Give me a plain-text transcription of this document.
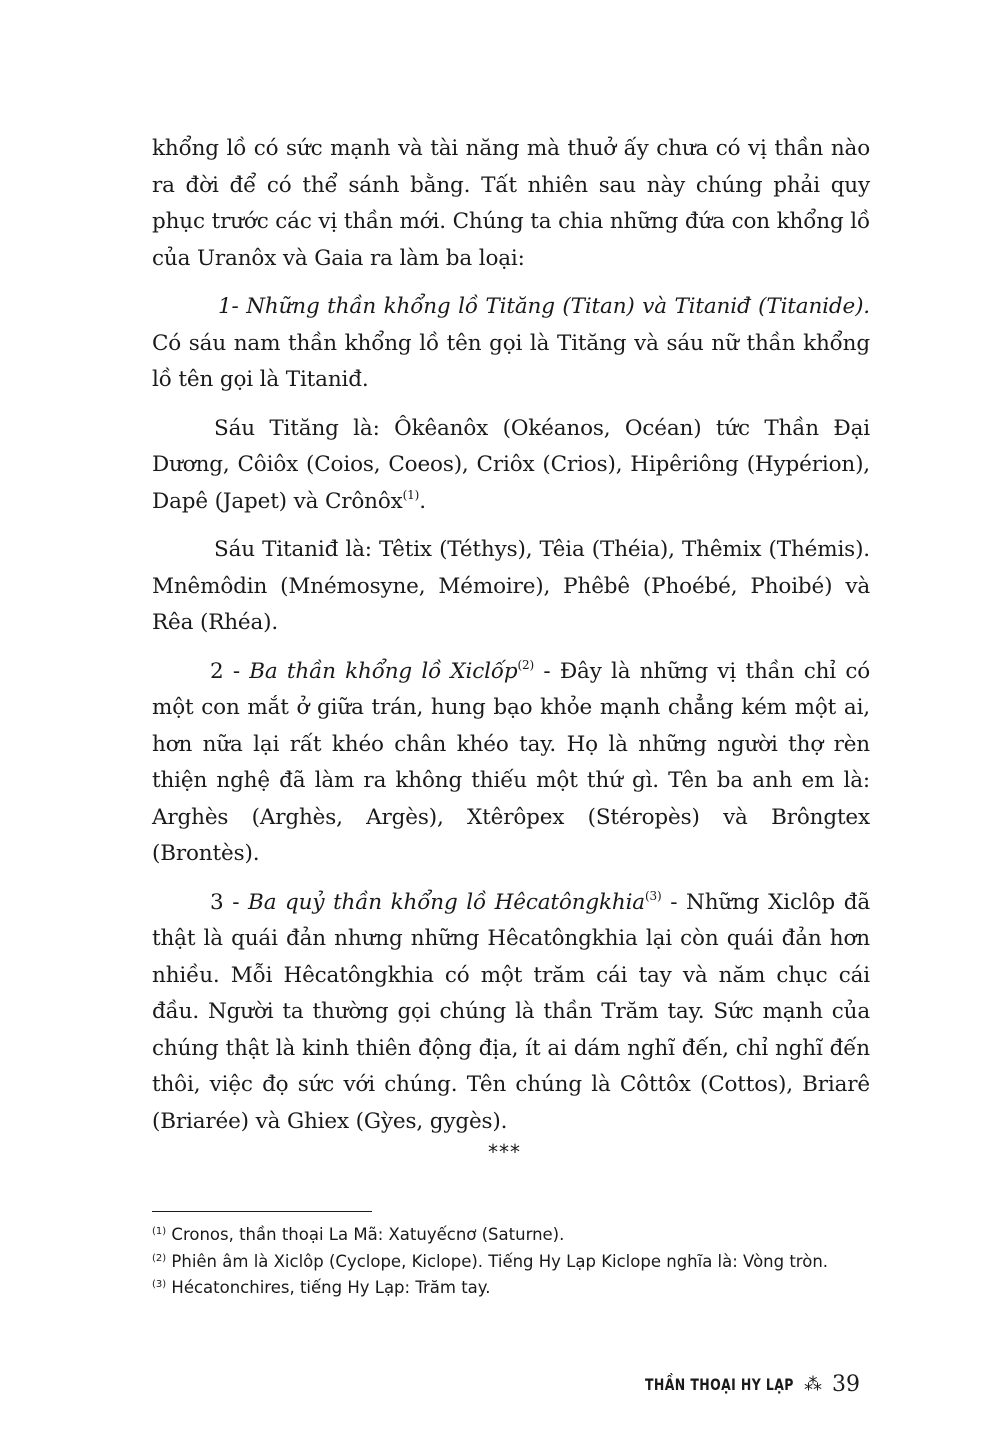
khổng lồ có sức mạnh và tài năng mà thuở ấy chưa có vị thần nào ra đời để có thể sánh bằng. Tất nhiên sau này chúng phải quy phục trước các vị thần mới. Chúng ta chia những đứa con khổng lồ của Uranôx và Gaia ra làm ba loại:

1- Những thần khổng lồ Tităng (Titan) và Titaniđ (Titanide). Có sáu nam thần khổng lồ tên gọi là Tităng và sáu nữ thần khổng lồ tên gọi là Titaniđ.

Sáu Tităng là: Ôkêanôx (Okéanos, Océan) tức Thần Đại Dương, Côiôx (Coios, Coeos), Criôx (Crios), Hipêriông (Hypérion), Dapê (Japet) và Crônôx$^{(1)}$.

Sáu Titaniđ là: Têtix (Téthys), Têia (Théia), Thêmix (Thémis). Mnêmôdin (Mnémosyne, Mémoire), Phêbê (Phoébé, Phoibé) và Rêa (Rhéa).

2 - Ba thần khổng lồ Xiclốp$^{(2)}$ - Đây là những vị thần chỉ có một con mắt ở giữa trán, hung bạo khỏe mạnh chẳng kém một ai, hơn nữa lại rất khéo chân khéo tay. Họ là những người thợ rèn thiện nghệ đã làm ra không thiếu một thứ gì. Tên ba anh em là: Arghès (Arghès, Argès), Xtêrôpex (Stéropès) và Brôngtex (Brontès).

3 - Ba quỷ thần khổng lồ Hêcatôngkhia$^{(3)}$ - Những Xiclôp đã thật là quái đản nhưng những Hêcatôngkhia lại còn quái đản hơn nhiều. Mỗi Hêcatôngkhia có một trăm cái tay và năm chục cái đầu. Người ta thường gọi chúng là thần Trăm tay. Sức mạnh của chúng thật là kinh thiên động địa, ít ai dám nghĩ đến, chỉ nghĩ đến thôi, việc đọ sức với chúng. Tên chúng là Côttôx (Cottos), Briarê (Briarée) và Ghiex (Gỳes, gygès).

***

$^{(1)}$ Cronos, thần thoại La Mã: Xatuyếcnơ (Saturne).

$^{(2)}$ Phiên âm là Xiclôp (Cyclope, Kiclope). Tiếng Hy Lạp Kiclope nghĩa là: Vòng tròn.

$^{(3)}$ Hécatonchires, tiếng Hy Lạp: Trăm tay.

THẦN THOẠI HY LẠP ⁂ 39
